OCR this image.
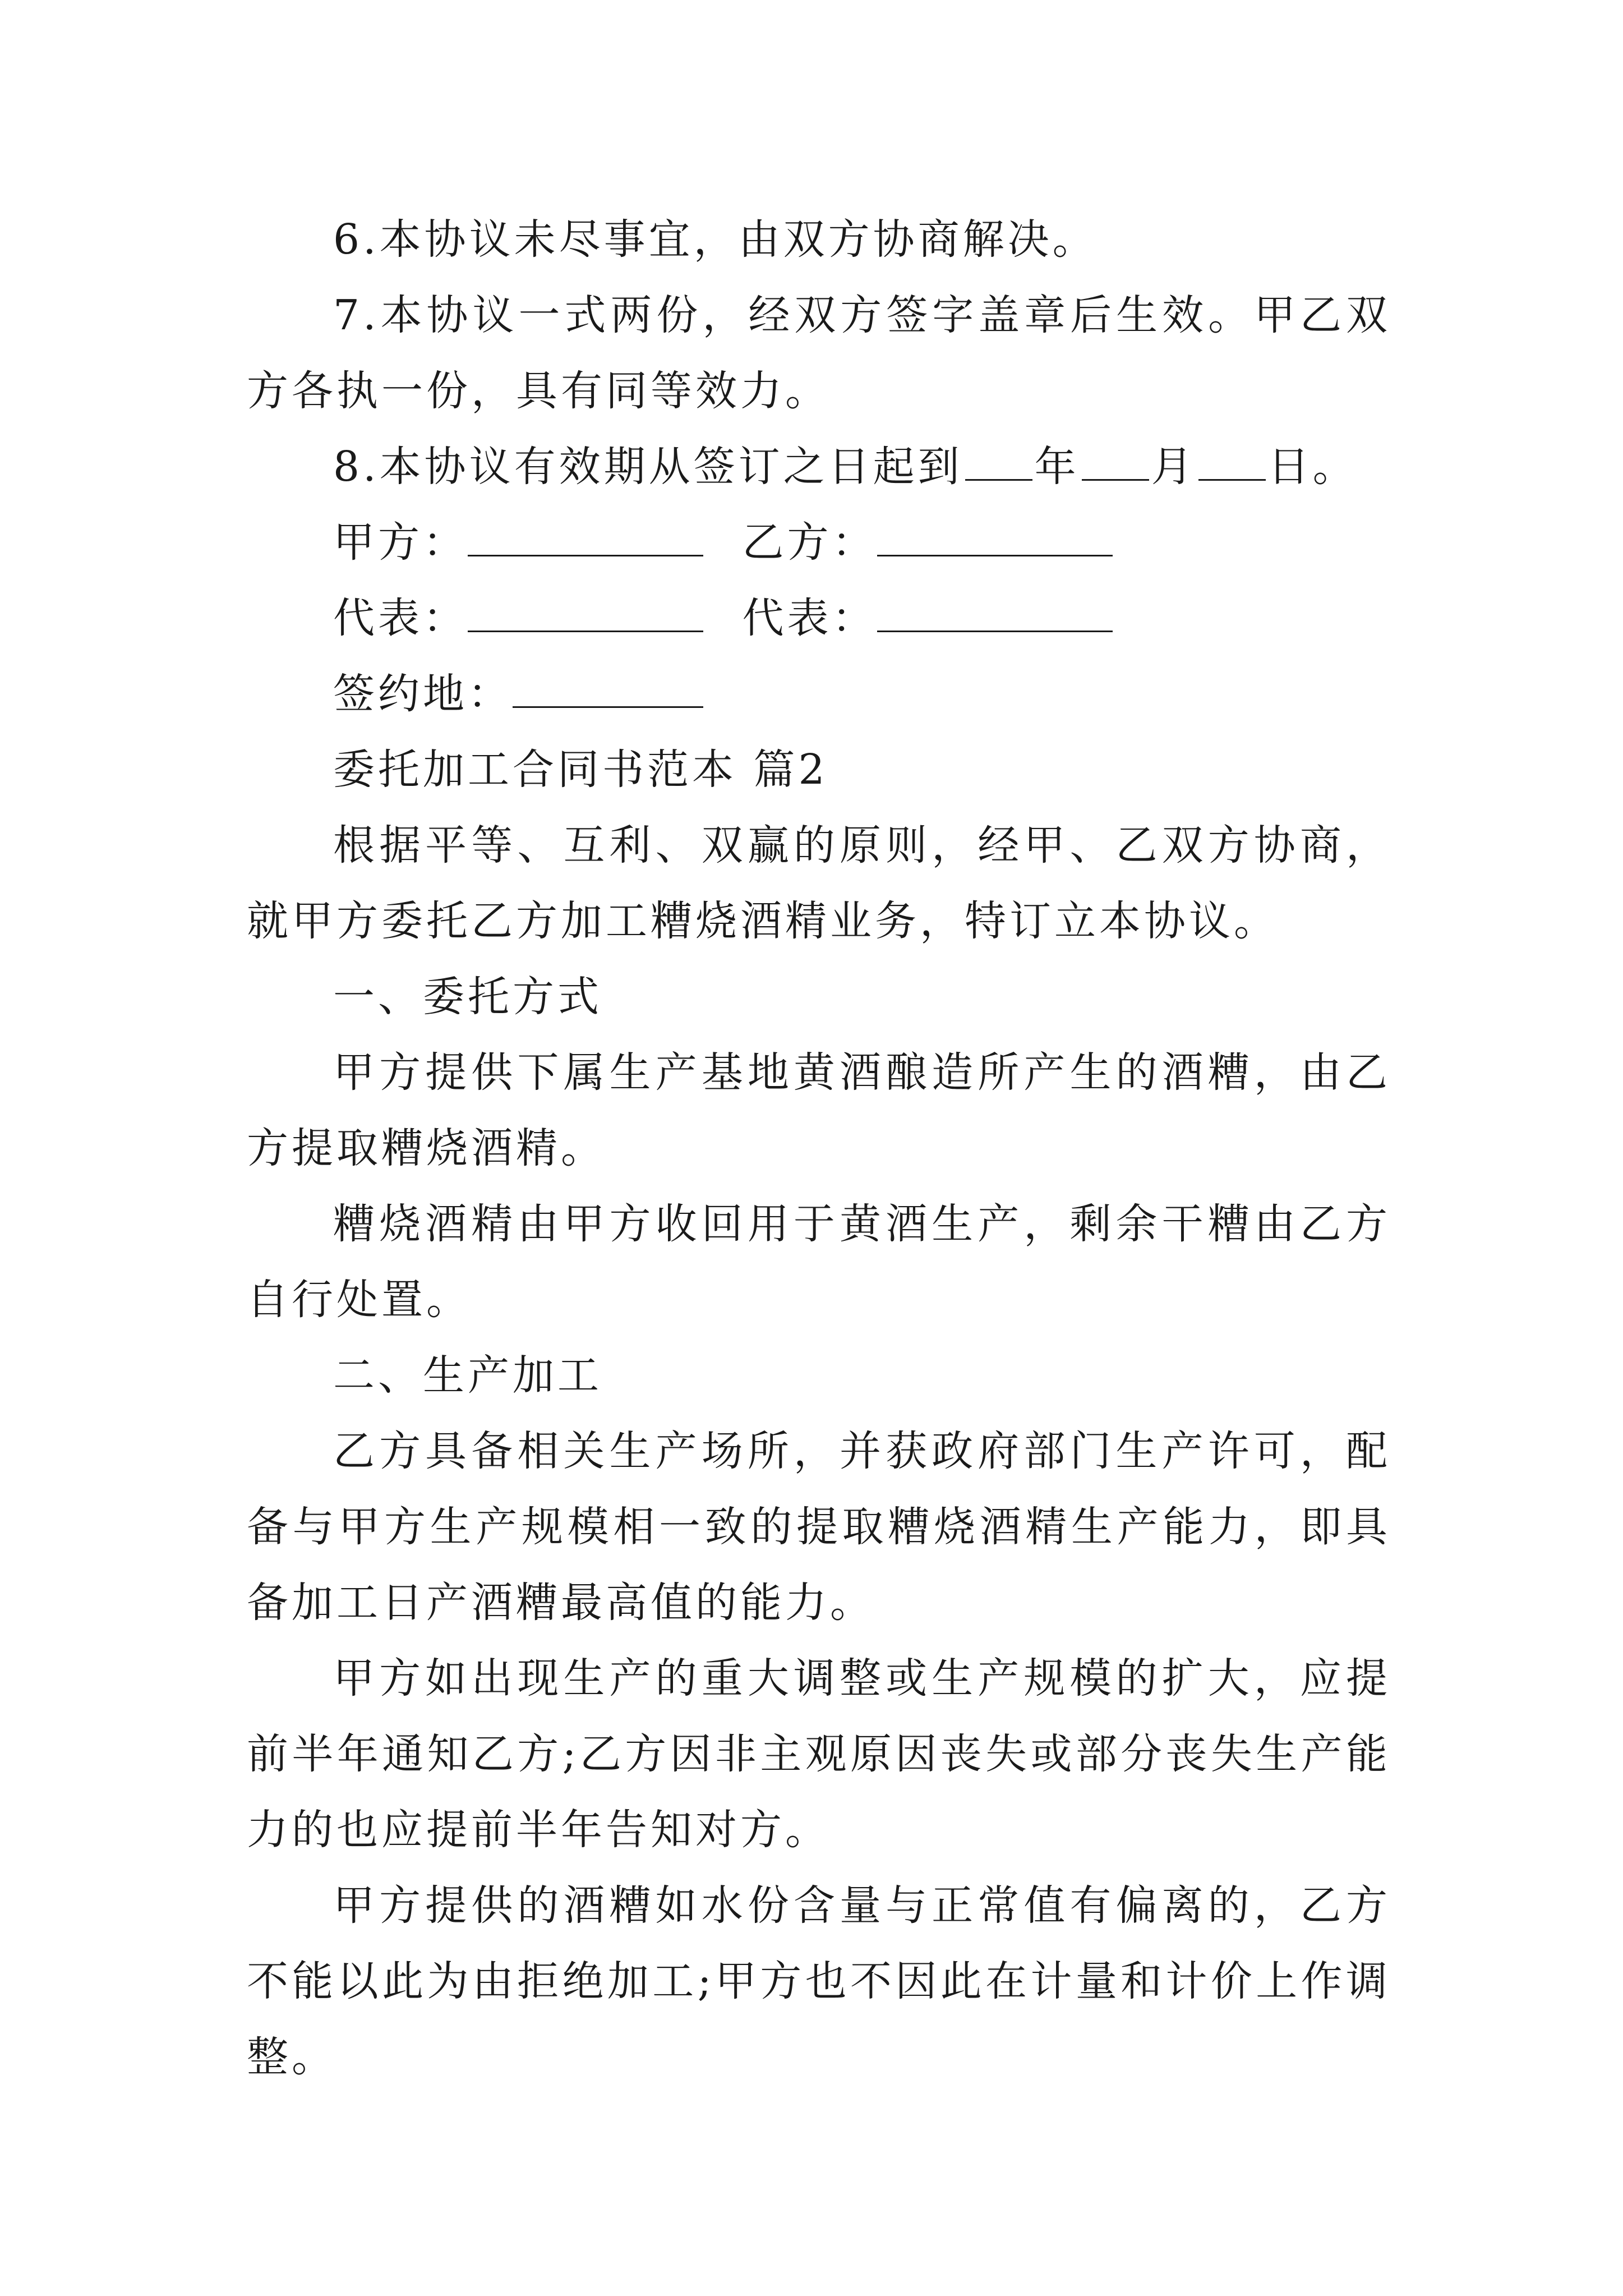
6.本协议未尽事宜，由双方协商解决。

7.本协议一式两份，经双方签字盖章后生效。甲乙双方各执一份，具有同等效力。

8.本协议有效期从签订之日起到 年 月 日。

甲方：	乙方：

代表：	代表：

签约地：

委托加工合同书范本 篇2

根据平等、互利、双赢的原则，经甲、乙双方协商，就甲方委托乙方加工糟烧酒精业务，特订立本协议。

一、委托方式

甲方提供下属生产基地黄酒酿造所产生的酒糟，由乙方提取糟烧酒精。

糟烧酒精由甲方收回用于黄酒生产，剩余干糟由乙方自行处置。

二、生产加工

乙方具备相关生产场所，并获政府部门生产许可，配备与甲方生产规模相一致的提取糟烧酒精生产能力，即具备加工日产酒糟最高值的能力。

甲方如出现生产的重大调整或生产规模的扩大，应提前半年通知乙方;乙方因非主观原因丧失或部分丧失生产能力的也应提前半年告知对方。

甲方提供的酒糟如水份含量与正常值有偏离的，乙方不能以此为由拒绝加工;甲方也不因此在计量和计价上作调整。
